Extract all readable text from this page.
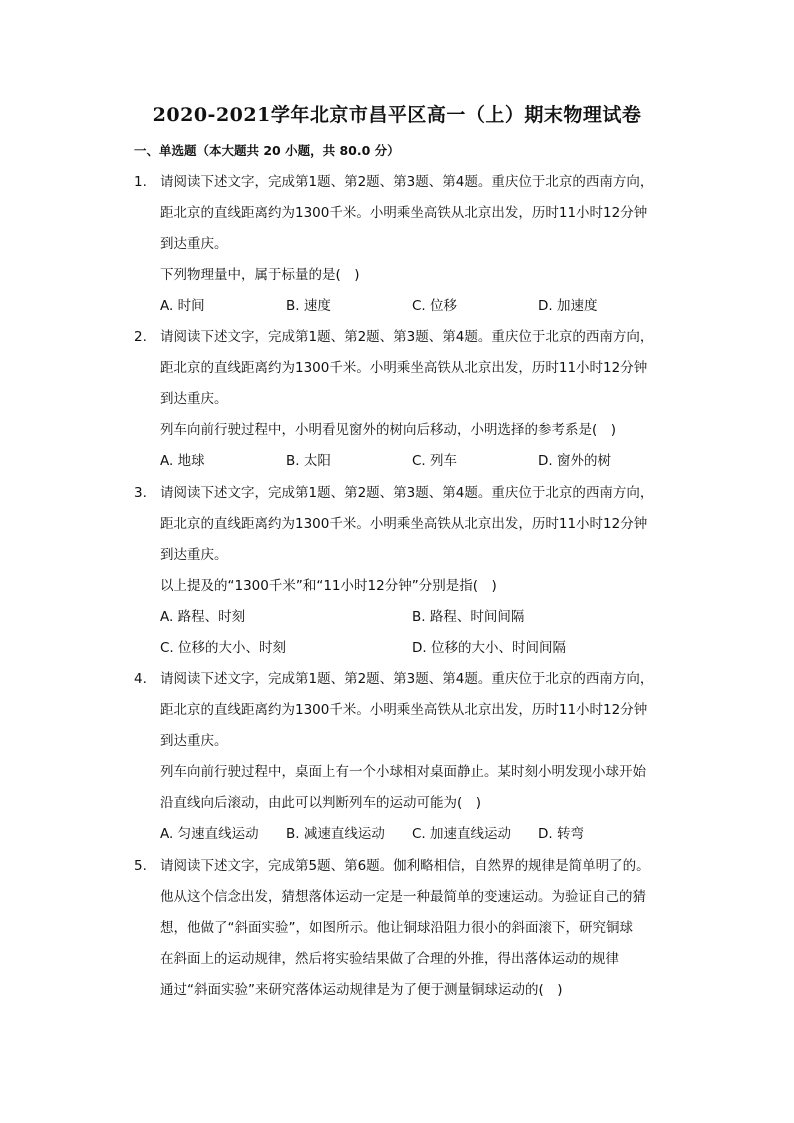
2020-2021学年北京市昌平区高一（上）期末物理试卷
一、单选题（本大题共 20 小题，共 80.0 分）
1. 请阅读下述文字，完成第1题、第2题、第3题、第4题。重庆位于北京的西南方向，
距北京的直线距离约为1300千米。小明乘坐高铁从北京出发，历时11小时12分钟
到达重庆。
下列物理量中，属于标量的是(　)
A. 时间	B. 速度	C. 位移	D. 加速度
2. 请阅读下述文字，完成第1题、第2题、第3题、第4题。重庆位于北京的西南方向，
距北京的直线距离约为1300千米。小明乘坐高铁从北京出发，历时11小时12分钟
到达重庆。
列车向前行驶过程中，小明看见窗外的树向后移动，小明选择的参考系是(　)
A. 地球	B. 太阳	C. 列车	D. 窗外的树
3. 请阅读下述文字，完成第1题、第2题、第3题、第4题。重庆位于北京的西南方向，
距北京的直线距离约为1300千米。小明乘坐高铁从北京出发，历时11小时12分钟
到达重庆。
以上提及的“1300千米”和“11小时12分钟”分别是指(　)
A. 路程、时刻	B. 路程、时间间隔
C. 位移的大小、时刻	D. 位移的大小、时间间隔
4. 请阅读下述文字，完成第1题、第2题、第3题、第4题。重庆位于北京的西南方向，
距北京的直线距离约为1300千米。小明乘坐高铁从北京出发，历时11小时12分钟
到达重庆。
列车向前行驶过程中，桌面上有一个小球相对桌面静止。某时刻小明发现小球开始
沿直线向后滚动，由此可以判断列车的运动可能为(　)
A. 匀速直线运动 B. 减速直线运动 C. 加速直线运动 D. 转弯
5. 请阅读下述文字，完成第5题、第6题。伽利略相信，自然界的规律是简单明了的。
他从这个信念出发，猜想落体运动一定是一种最简单的变速运动。为验证自己的猜
想，他做了“斜面实验”，如图所示。他让铜球沿阻力很小的斜面滚下，研究铜球
在斜面上的运动规律，然后将实验结果做了合理的外推，得出落体运动的规律
通过“斜面实验”来研究落体运动规律是为了便于测量铜球运动的(　)
